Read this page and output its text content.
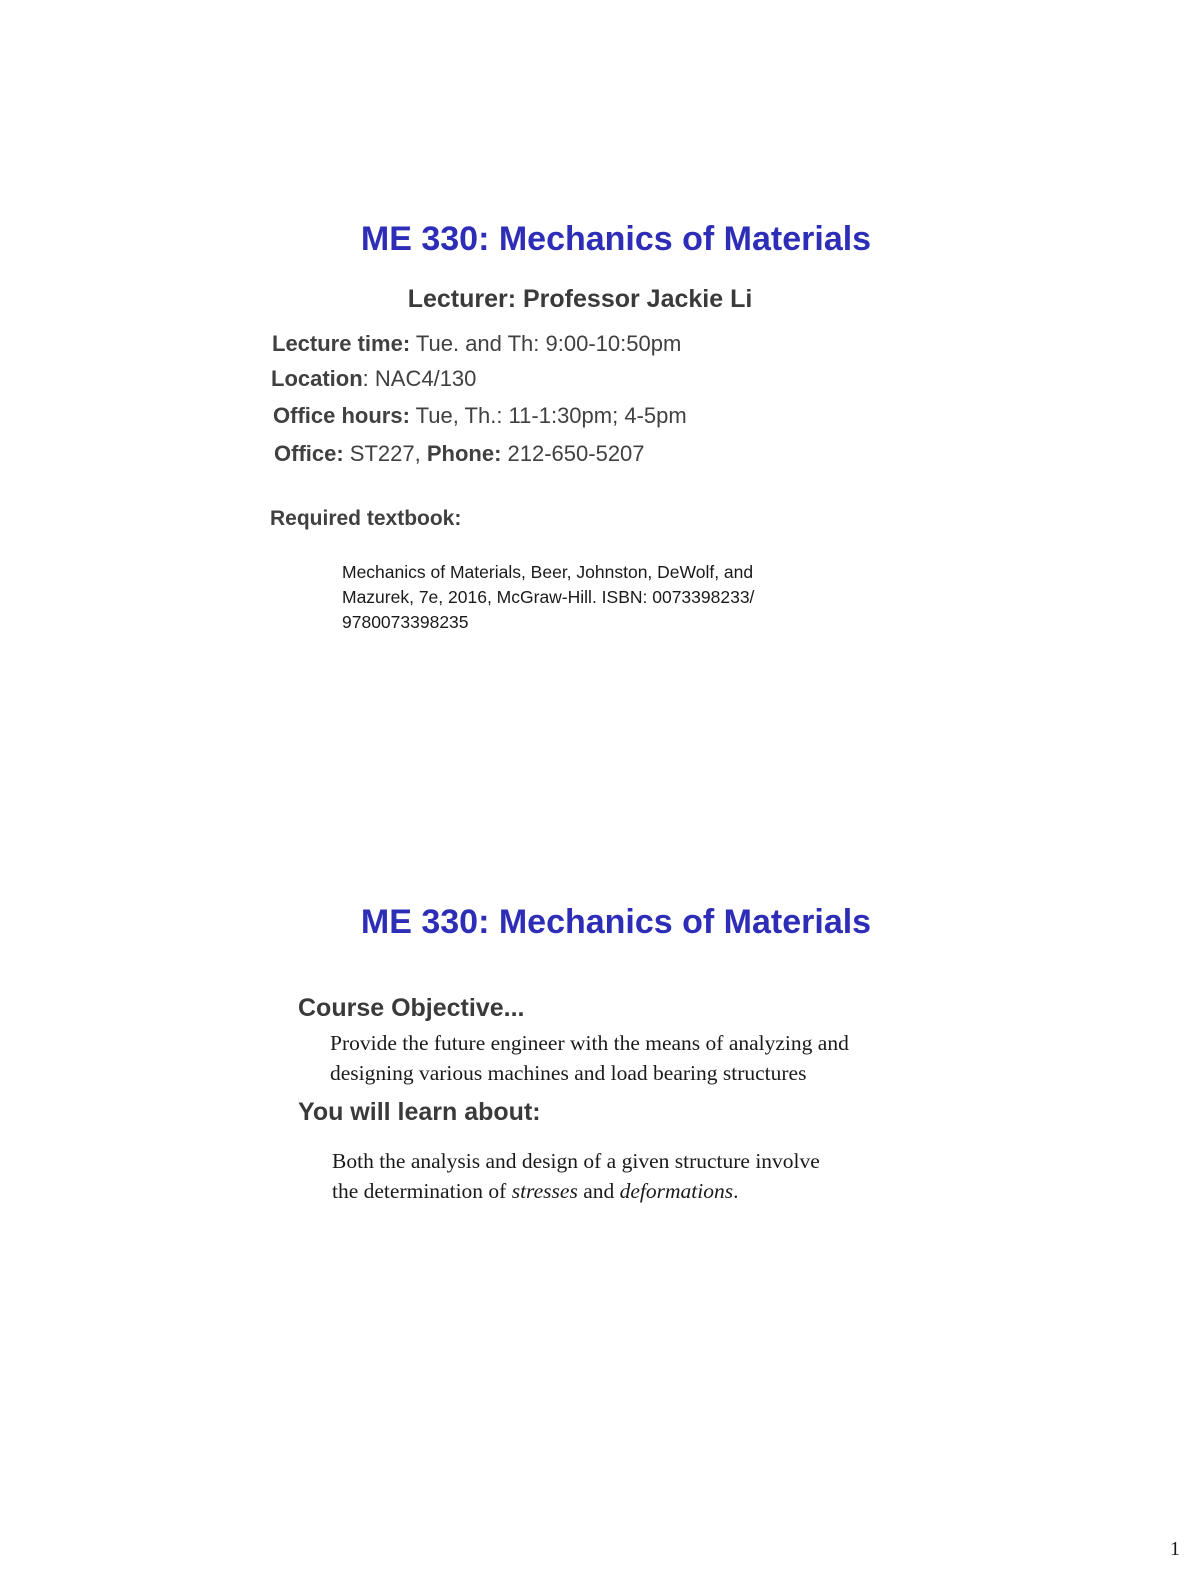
ME 330: Mechanics of Materials
Lecturer: Professor Jackie Li
Lecture time: Tue. and Th: 9:00-10:50pm
Location: NAC4/130
Office hours: Tue, Th.: 11-1:30pm; 4-5pm
Office: ST227, Phone: 212-650-5207
Required textbook:
Mechanics of Materials, Beer, Johnston, DeWolf, and
Mazurek, 7e, 2016, McGraw-Hill. ISBN: 0073398233/
9780073398235
ME 330: Mechanics of Materials
Course Objective...
Provide the future engineer with the means of analyzing and
designing various machines and load bearing structures
You will learn about:
Both the analysis and design of a given structure involve
the determination of stresses and deformations.
1
